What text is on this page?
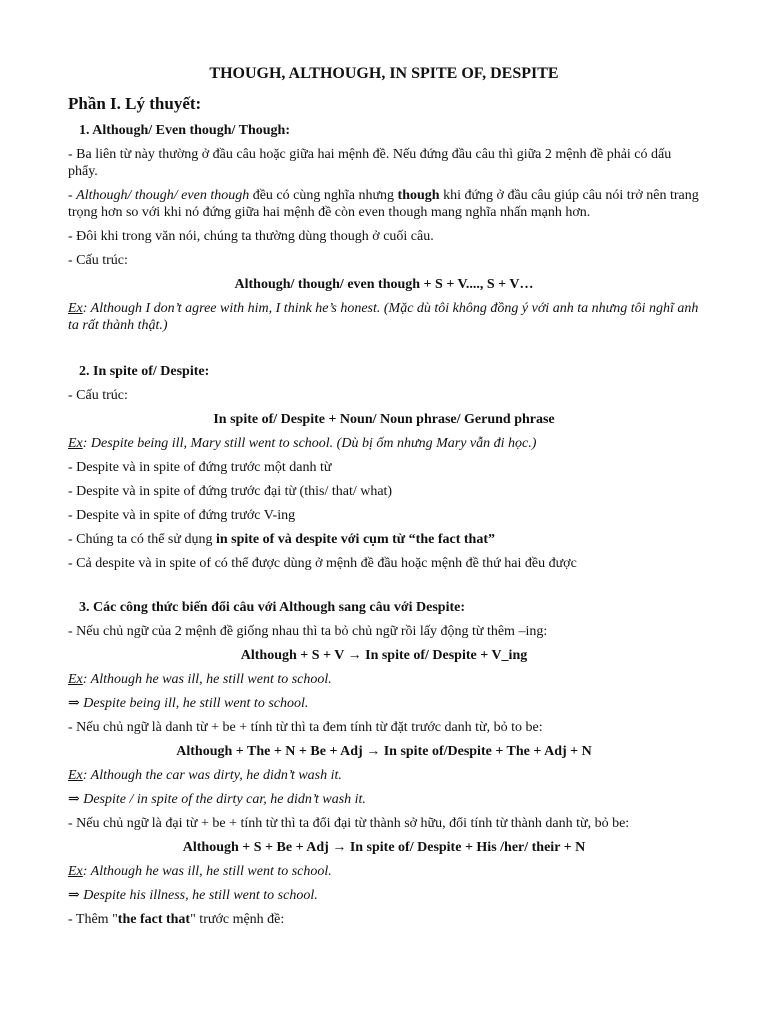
THOUGH, ALTHOUGH, IN SPITE OF, DESPITE
Phần I. Lý thuyết:
1. Although/ Even though/ Though:
- Ba liên từ này thường ở đầu câu hoặc giữa hai mệnh đề. Nếu đứng đầu câu thì giữa 2 mệnh đề phải có dấu phẩy.
- Although/ though/ even though đều có cùng nghĩa nhưng though khi đứng ở đầu câu giúp câu nói trở nên trang trọng hơn so với khi nó đứng giữa hai mệnh đề còn even though mang nghĩa nhấn mạnh hơn.
- Đôi khi trong văn nói, chúng ta thường dùng though ở cuối câu.
- Cấu trúc:
Although/ though/ even though + S + V...., S + V…
Ex: Although I don’t agree with him, I think he’s honest. (Mặc dù tôi không đồng ý với anh ta nhưng tôi nghĩ anh ta rất thành thật.)
2. In spite of/ Despite:
- Cấu trúc:
In spite of/ Despite + Noun/ Noun phrase/ Gerund phrase
Ex: Despite being ill, Mary still went to school. (Dù bị ốm nhưng Mary vẫn đi học.)
- Despite và in spite of đứng trước một danh từ
- Despite và in spite of đứng trước đại từ (this/ that/ what)
- Despite và in spite of đứng trước V-ing
- Chúng ta có thể sử dụng in spite of và despite với cụm từ “the fact that”
- Cả despite và in spite of có thể được dùng ở mệnh đề đầu hoặc mệnh đề thứ hai đều được
3. Các công thức biến đổi câu với Although sang câu với Despite:
- Nếu chủ ngữ của 2 mệnh đề giống nhau thì ta bỏ chủ ngữ rồi lấy động từ thêm –ing:
Although + S + V → In spite of/ Despite + V_ing
Ex: Although he was ill, he still went to school.
⇒ Despite being ill, he still went to school.
- Nếu chủ ngữ là danh từ + be + tính từ thì ta đem tính từ đặt trước danh từ, bỏ to be:
Although + The + N + Be + Adj → In spite of/Despite + The + Adj + N
Ex: Although the car was dirty, he didn’t wash it.
⇒ Despite / in spite of the dirty car, he didn’t wash it.
- Nếu chủ ngữ là đại từ + be + tính từ thì ta đổi đại từ thành sở hữu, đổi tính từ thành danh từ, bỏ be:
Although + S + Be + Adj → In spite of/ Despite + His /her/ their + N
Ex: Although he was ill, he still went to school.
⇒ Despite his illness, he still went to school.
- Thêm "the fact that" trước mệnh đề:
